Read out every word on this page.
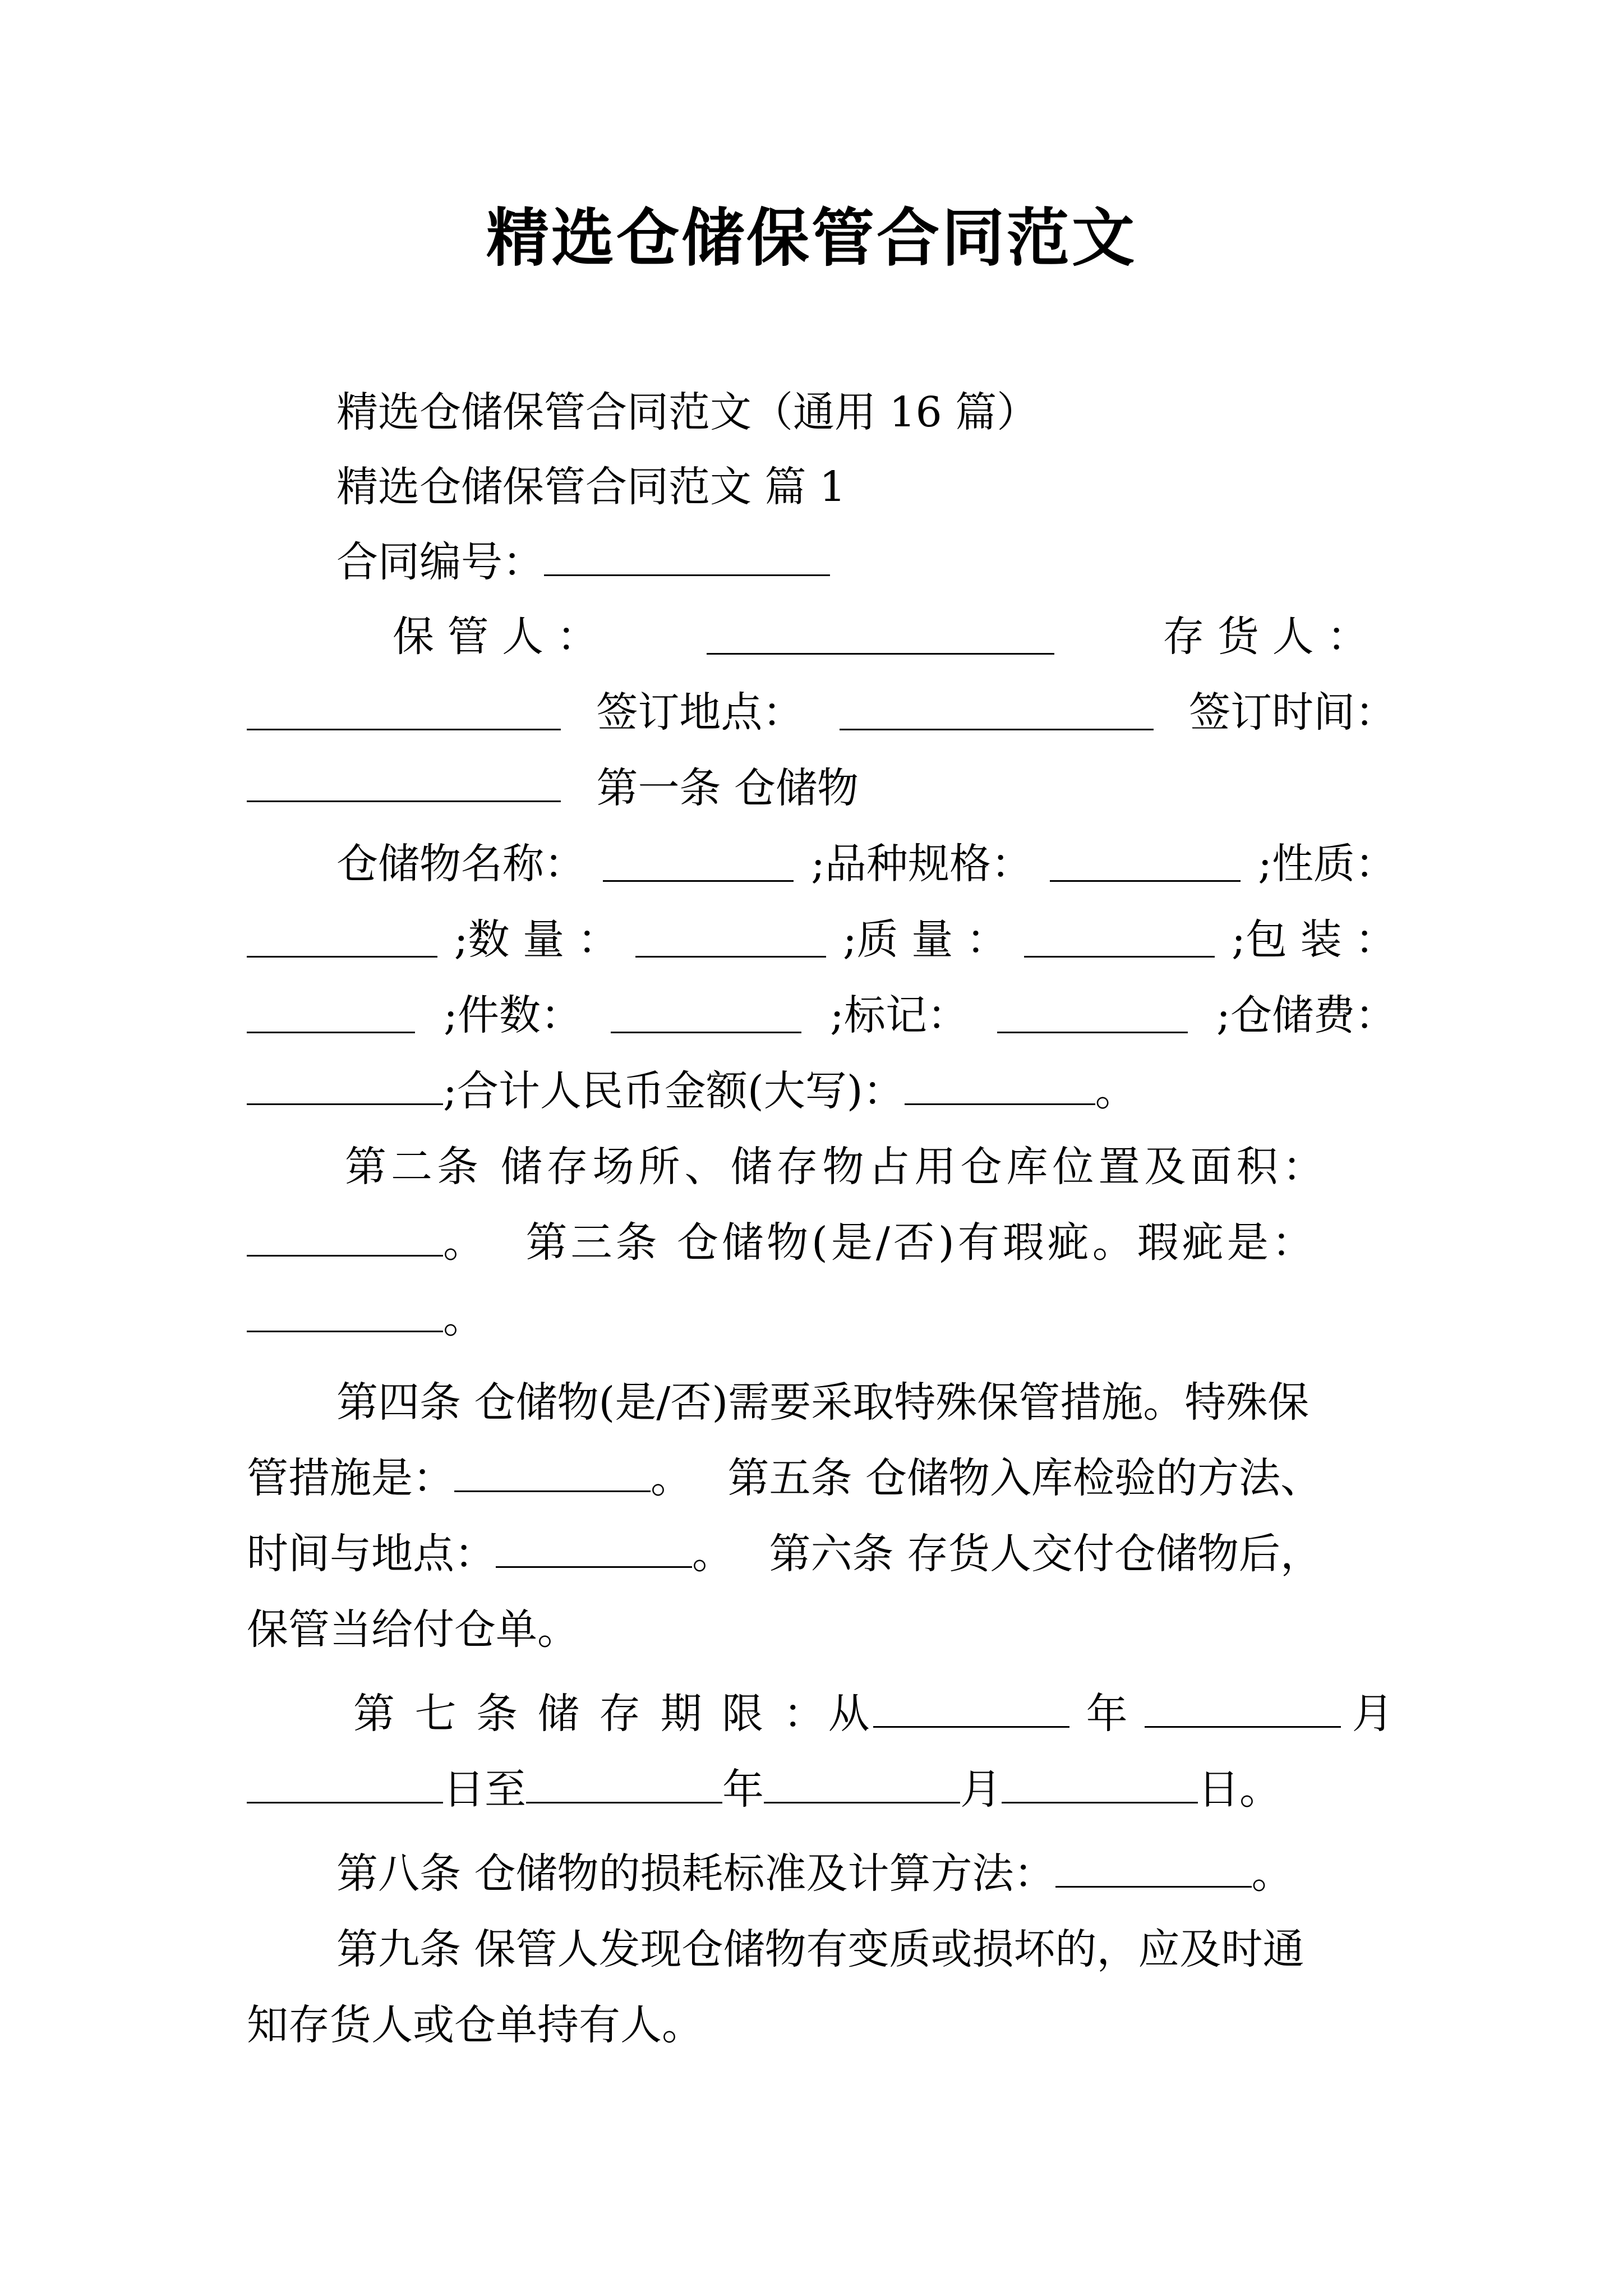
精选仓储保管合同范文
精选仓储保管合同范文（通用 16 篇）
精选仓储保管合同范文 篇 1
合同编号：
保 管 人 ：	存 货 人 ：
签订地点：	签订时间：
第一条 仓储物
仓储物名称：	;品种规格：	;性质：
;数 量 ：	;质 量 ：	;包 装 ：
;件数：	;标记：	;仓储费：
;合计人民币金额(大写)：	。
第二条 储存场所、储存物占用仓库位置及面积：
。 第三条 仓储物(是/否)有瑕疵。瑕疵是：
。
第四条 仓储物(是/否)需要采取特殊保管措施。特殊保
管措施是：	。 第五条 仓储物入库检验的方法、
时间与地点：	。 第六条 存货人交付仓储物后，
保管当给付仓单。
第 七 条 储 存 期 限 ：从	年	月
日至	年	月	日。
第八条 仓储物的损耗标准及计算方法：	。
第九条 保管人发现仓储物有变质或损坏的，应及时通
知存货人或仓单持有人。
